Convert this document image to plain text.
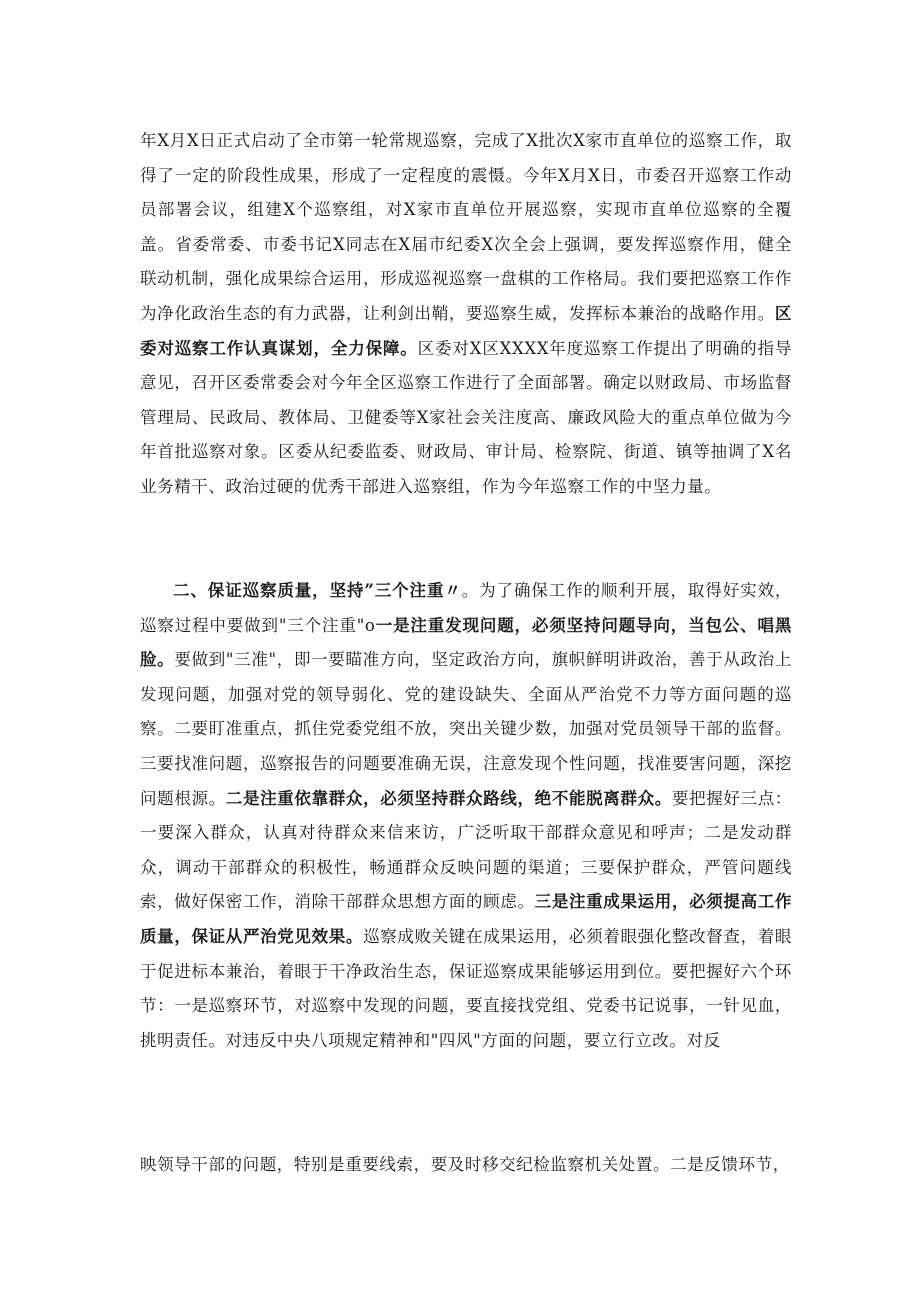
年X月X日正式启动了全市第一轮常规巡察，完成了X批次X家市直单位的巡察工作，取得了一定的阶段性成果，形成了一定程度的震慑。今年X月X日，市委召开巡察工作动员部署会议，组建X个巡察组，对X家市直单位开展巡察，实现市直单位巡察的全覆盖。省委常委、市委书记X同志在X届市纪委X次全会上强调，要发挥巡察作用，健全联动机制，强化成果综合运用，形成巡视巡察一盘棋的工作格局。我们要把巡察工作作为净化政治生态的有力武器，让利剑出鞘，要巡察生威，发挥标本兼治的战略作用。区委对巡察工作认真谋划，全力保障。区委对X区XXXX年度巡察工作提出了明确的指导意见，召开区委常委会对今年全区巡察工作进行了全面部署。确定以财政局、市场监督管理局、民政局、教体局、卫健委等X家社会关注度高、廉政风险大的重点单位做为今年首批巡察对象。区委从纪委监委、财政局、审计局、检察院、街道、镇等抽调了X名业务精干、政治过硬的优秀干部进入巡察组，作为今年巡察工作的中坚力量。

二、保证巡察质量，坚持”三个注重〃。为了确保工作的顺利开展，取得好实效，巡察过程中要做到"三个注重"o一是注重发现问题，必须坚持问题导向，当包公、唱黑脸。要做到"三准"，即一要瞄准方向，坚定政治方向，旗帜鲜明讲政治，善于从政治上发现问题，加强对党的领导弱化、党的建设缺失、全面从严治党不力等方面问题的巡察。二要盯准重点，抓住党委党组不放，突出关键少数，加强对党员领导干部的监督。三要找准问题，巡察报告的问题要准确无误，注意发现个性问题，找准要害问题，深挖问题根源。二是注重依靠群众，必须坚持群众路线，绝不能脱离群众。要把握好三点：一要深入群众，认真对待群众来信来访，广泛听取干部群众意见和呼声；二是发动群众，调动干部群众的积极性，畅通群众反映问题的渠道；三要保护群众，严管问题线索，做好保密工作，消除干部群众思想方面的顾虑。三是注重成果运用，必须提高工作质量，保证从严治党见效果。巡察成败关键在成果运用，必须着眼强化整改督查，着眼于促进标本兼治，着眼于干净政治生态，保证巡察成果能够运用到位。要把握好六个环节：一是巡察环节，对巡察中发现的问题，要直接找党组、党委书记说事，一针见血，挑明责任。对违反中央八项规定精神和"四风"方面的问题，要立行立改。对反

映领导干部的问题，特别是重要线索，要及时移交纪检监察机关处置。二是反馈环节，
